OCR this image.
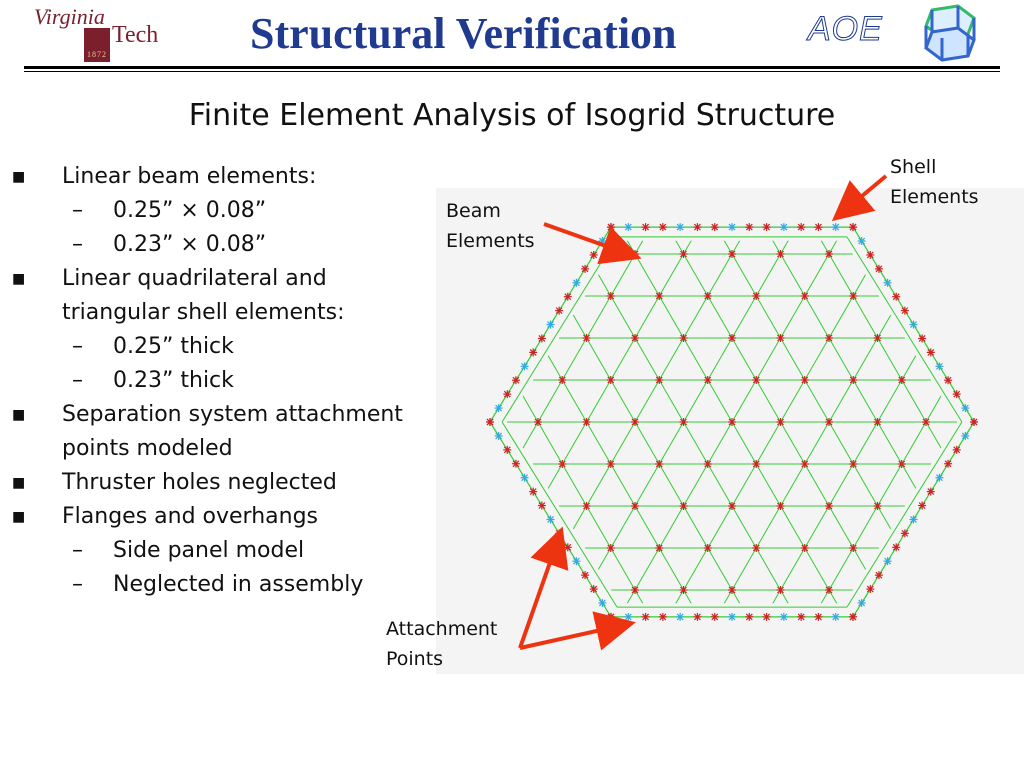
Virginia
Tech
1872	Structural Verification	AOE
Finite Element Analysis of Isogrid Structure
■ Linear beam elements:
– 0.25” × 0.08”
– 0.23” × 0.08”
■ Linear quadrilateral and triangular shell elements:
– 0.25” thick
– 0.23” thick
■ Separation system attachment points modeled
■ Thruster holes neglected
■ Flanges and overhangs
– Side panel model
– Neglected in assembly
Shell
Elements
Beam
Elements
Attachment
Points
